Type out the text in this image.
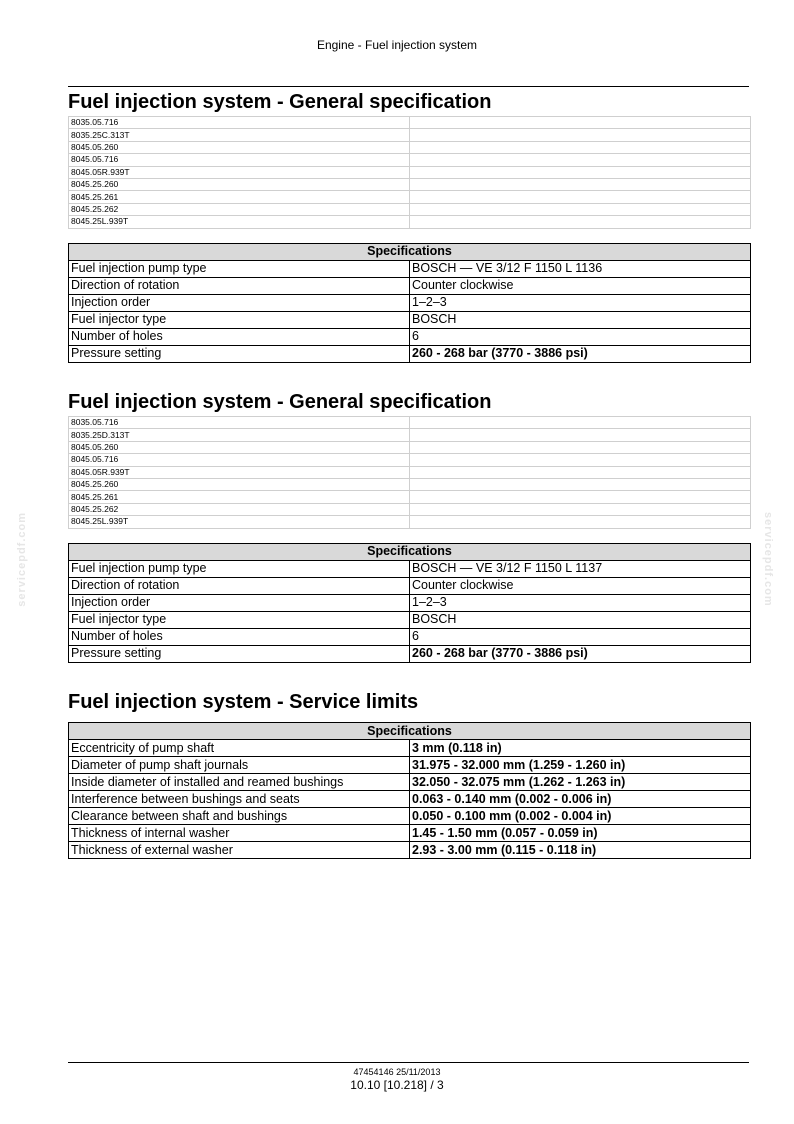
Engine - Fuel injection system
Fuel injection system - General specification
8035.05.716	
8035.25C.313T	
8045.05.260	
8045.05.716	
8045.05R.939T	
8045.25.260	
8045.25.261	
8045.25.262	
8045.25L.939T	
Specifications	
Fuel injection pump type	BOSCH — VE 3/12 F 1150 L 1136
Direction of rotation	Counter clockwise
Injection order	1–2–3
Fuel injector type	BOSCH
Number of holes	6
Pressure setting	260 - 268 bar (3770 - 3886 psi)
Fuel injection system - General specification
8035.05.716	
8035.25D.313T	
8045.05.260	
8045.05.716	
8045.05R.939T	
8045.25.260	
8045.25.261	
8045.25.262	
8045.25L.939T	
Specifications	
Fuel injection pump type	BOSCH — VE 3/12 F 1150 L 1137
Direction of rotation	Counter clockwise
Injection order	1–2–3
Fuel injector type	BOSCH
Number of holes	6
Pressure setting	260 - 268 bar (3770 - 3886 psi)
Fuel injection system - Service limits
Specifications	
Eccentricity of pump shaft	3 mm (0.118 in)
Diameter of pump shaft journals	31.975 - 32.000 mm (1.259 - 1.260 in)
Inside diameter of installed and reamed bushings	32.050 - 32.075 mm (1.262 - 1.263 in)
Interference between bushings and seats	0.063 - 0.140 mm (0.002 - 0.006 in)
Clearance between shaft and bushings	0.050 - 0.100 mm (0.002 - 0.004 in)
Thickness of internal washer	1.45 - 1.50 mm (0.057 - 0.059 in)
Thickness of external washer	2.93 - 3.00 mm (0.115 - 0.118 in)
servicepdf.com	servicepdf.com
47454146 25/11/2013
10.10 [10.218] / 3
